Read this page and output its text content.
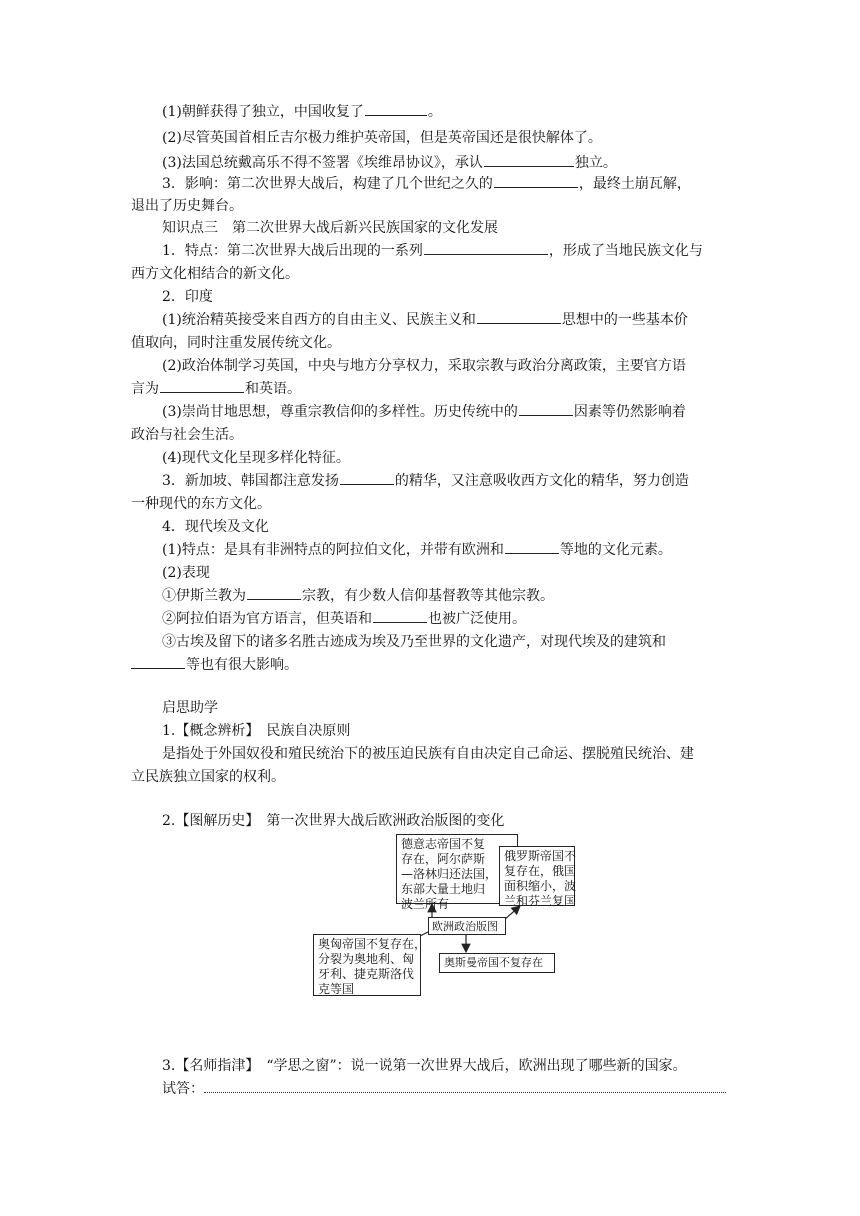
(1)朝鲜获得了独立，中国收复了	。
(2)尽管英国首相丘吉尔极力维护英帝国，但是英帝国还是很快解体了。
(3)法国总统戴高乐不得不签署《埃维昂协议》，承认	独立。
3．影响：第二次世界大战后，构建了几个世纪之久的	，最终土崩瓦解，
退出了历史舞台。
知识点三　第二次世界大战后新兴民族国家的文化发展
1．特点：第二次世界大战后出现的一系列	，形成了当地民族文化与
西方文化相结合的新文化。
2．印度
(1)统治精英接受来自西方的自由主义、民族主义和	思想中的一些基本价
值取向，同时注重发展传统文化。
(2)政治体制学习英国，中央与地方分享权力，采取宗教与政治分离政策，主要官方语
言为	和英语。
(3)崇尚甘地思想，尊重宗教信仰的多样性。历史传统中的	因素等仍然影响着
政治与社会生活。
(4)现代文化呈现多样化特征。
3．新加坡、韩国都注意发扬	的精华，又注意吸收西方文化的精华，努力创造
一种现代的东方文化。
4．现代埃及文化
(1)特点：是具有非洲特点的阿拉伯文化，并带有欧洲和	等地的文化元素。
(2)表现
①伊斯兰教为	宗教，有少数人信仰基督教等其他宗教。
②阿拉伯语为官方语言，但英语和	也被广泛使用。
③古埃及留下的诸多名胜古迹成为埃及乃至世界的文化遗产，对现代埃及的建筑和
等也有很大影响。
启思助学
1.【概念辨析】　民族自决原则
是指处于外国奴役和殖民统治下的被压迫民族有自由决定自己命运、摆脱殖民统治、建
立民族独立国家的权利。
2.【图解历史】　第一次世界大战后欧洲政治版图的变化
德意志帝国不复
存在，阿尔萨斯
—洛林归还法国，
东部大量土地归
波兰所有
俄罗斯帝国不
复存在，俄国
面积缩小，波
兰和芬兰复国
欧洲政治版图
奥匈帝国不复存在，
分裂为奥地利、匈
牙利、捷克斯洛伐
克等国
奥斯曼帝国不复存在
3.【名师指津】　“学思之窗”：说一说第一次世界大战后，欧洲出现了哪些新的国家。
试答：
